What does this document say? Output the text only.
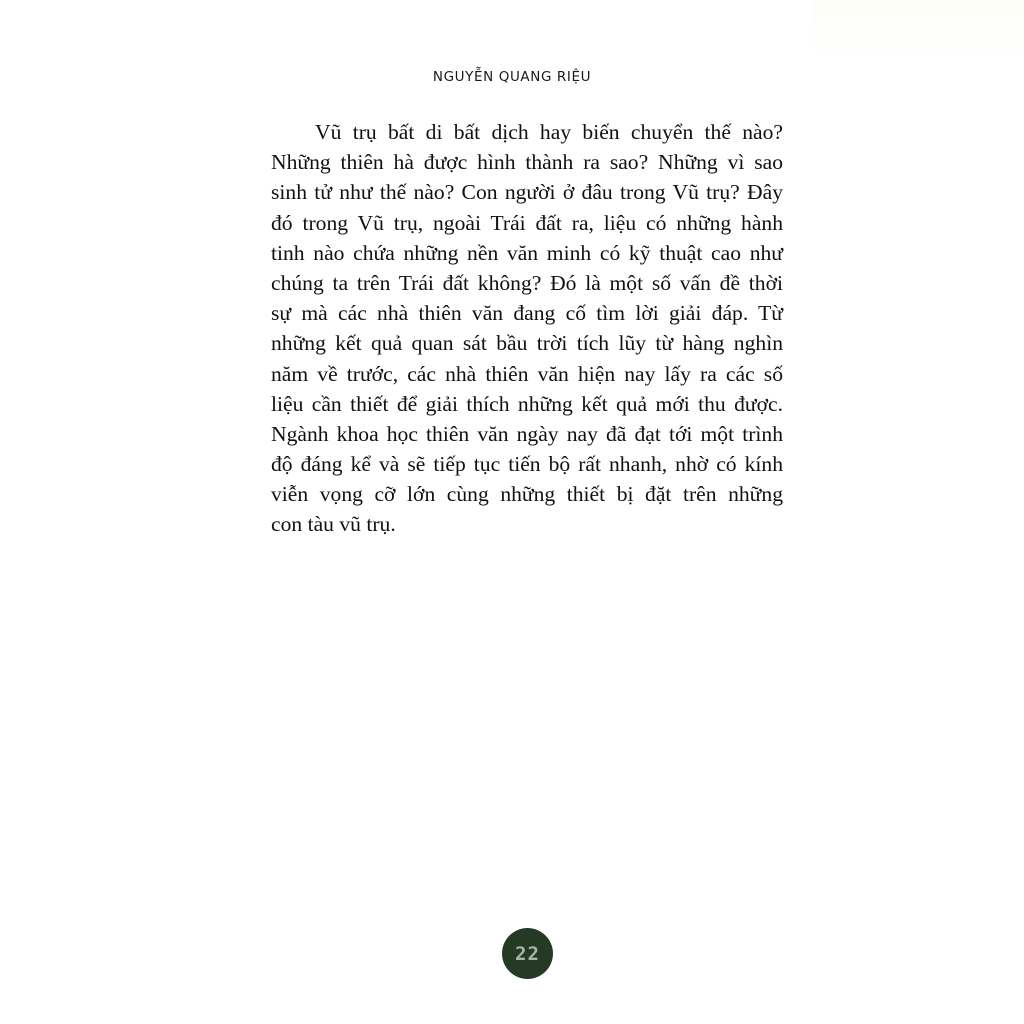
NGUYỄN QUANG RIỆU
Vũ trụ bất di bất dịch hay biến chuyển thế nào?
Những thiên hà được hình thành ra sao? Những vì sao
sinh tử như thế nào? Con người ở đâu trong Vũ trụ? Đây
đó trong Vũ trụ, ngoài Trái đất ra, liệu có những hành
tinh nào chứa những nền văn minh có kỹ thuật cao như
chúng ta trên Trái đất không? Đó là một số vấn đề thời
sự mà các nhà thiên văn đang cố tìm lời giải đáp. Từ
những kết quả quan sát bầu trời tích lũy từ hàng nghìn
năm về trước, các nhà thiên văn hiện nay lấy ra các số
liệu cần thiết để giải thích những kết quả mới thu được.
Ngành khoa học thiên văn ngày nay đã đạt tới một trình
độ đáng kể và sẽ tiếp tục tiến bộ rất nhanh, nhờ có kính
viễn vọng cỡ lớn cùng những thiết bị đặt trên những
con tàu vũ trụ.
22
